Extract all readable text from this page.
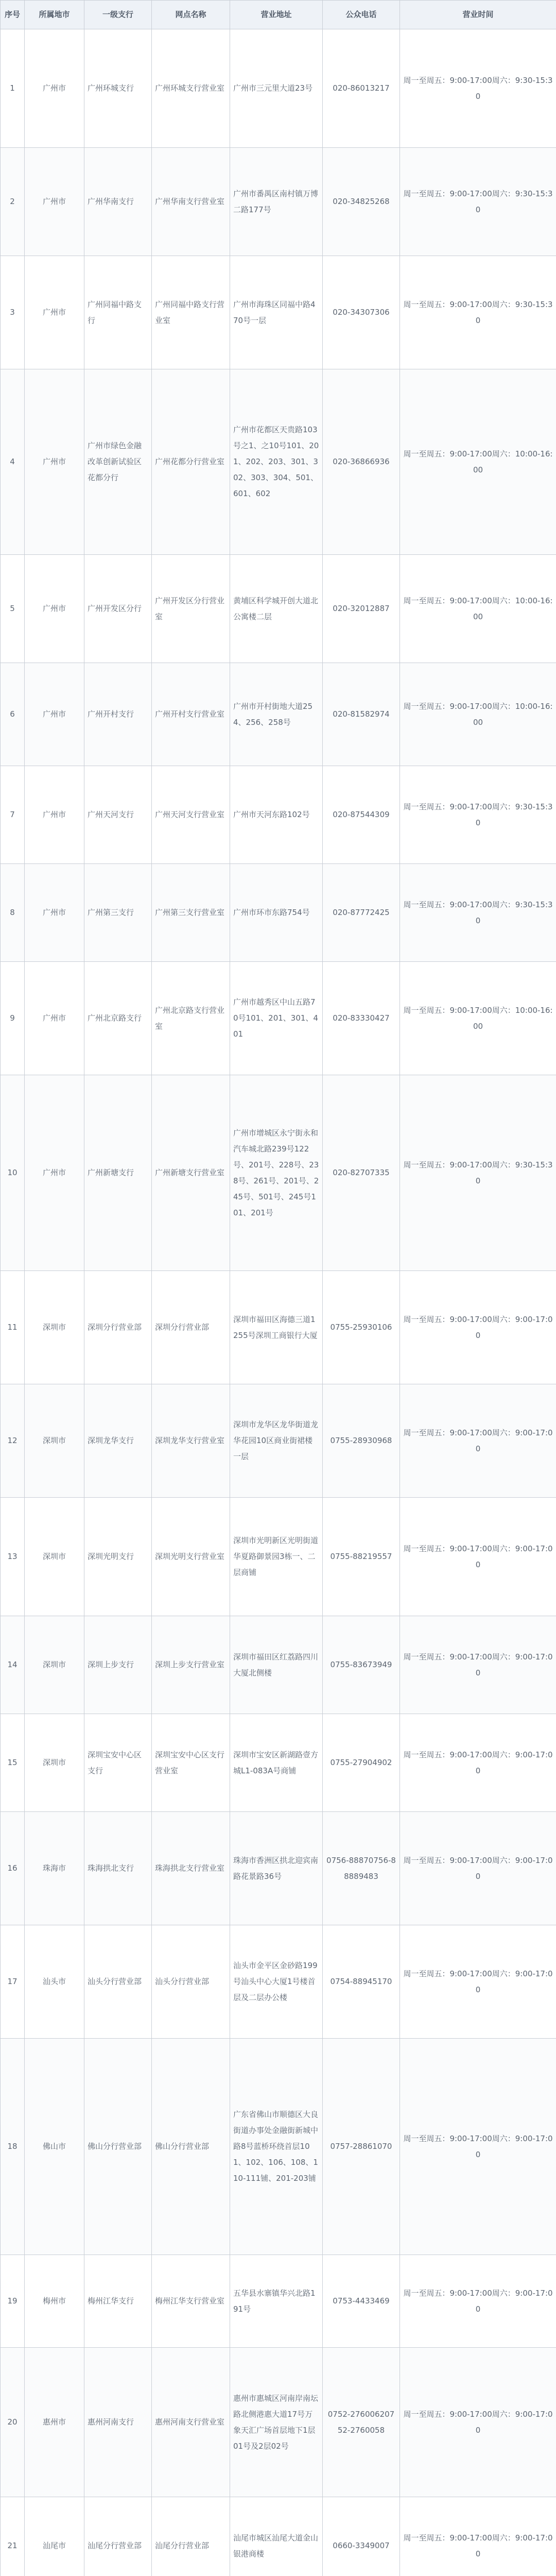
序号	所属地市	一级支行	网点名称	营业地址	公众电话	营业时间
1	广州市	广州环城支行	广州环城支行营业室	广州市三元里大道23号	020-86013217	周一至周五：9:00-17:00周六：9:30-15:30
2	广州市	广州华南支行	广州华南支行营业室	广州市番禺区南村镇万博二路177号	020-34825268	周一至周五：9:00-17:00周六：9:30-15:30
3	广州市	广州同福中路支行	广州同福中路支行营业室	广州市海珠区同福中路470号一层	020-34307306	周一至周五：9:00-17:00周六：9:30-15:30
4	广州市	广州市绿色金融改革创新试验区花都分行	广州花都分行营业室	广州市花都区天贵路103号之1、之10号101、201、202、203、301、302、303、304、501、601、602	020-36866936	周一至周五：9:00-17:00周六：10:00-16:00
5	广州市	广州开发区分行	广州开发区分行营业室	黄埔区科学城开创大道北公寓楼二层	020-32012887	周一至周五：9:00-17:00周六：10:00-16:00
6	广州市	广州开村支行	广州开村支行营业室	广州市开村街地大道254、256、258号	020-81582974	周一至周五：9:00-17:00周六：10:00-16:00
7	广州市	广州天河支行	广州天河支行营业室	广州市天河东路102号	020-87544309	周一至周五：9:00-17:00周六：9:30-15:30
8	广州市	广州第三支行	广州第三支行营业室	广州市环市东路754号	020-87772425	周一至周五：9:00-17:00周六：9:30-15:30
9	广州市	广州北京路支行	广州北京路支行营业室	广州市越秀区中山五路70号101、201、301、401	020-83330427	周一至周五：9:00-17:00周六：10:00-16:00
10	广州市	广州新塘支行	广州新塘支行营业室	广州市增城区永宁街永和汽车城北路239号122号、201号、228号、238号、261号、201号、245号、501号、245号101、201号	020-82707335	周一至周五：9:00-17:00周六：9:30-15:30
11	深圳市	深圳分行营业部	深圳分行营业部	深圳市福田区海德三道1255号深圳工商银行大厦	0755-25930106	周一至周五：9:00-17:00周六：9:00-17:00
12	深圳市	深圳龙华支行	深圳龙华支行营业室	深圳市龙华区龙华街道龙华花园10区商业街裙楼一层	0755-28930968	周一至周五：9:00-17:00周六：9:00-17:00
13	深圳市	深圳光明支行	深圳光明支行营业室	深圳市光明新区光明街道华夏路御景园3栋一、二层商铺	0755-88219557	周一至周五：9:00-17:00周六：9:00-17:00
14	深圳市	深圳上步支行	深圳上步支行营业室	深圳市福田区红荔路四川大厦北侧楼	0755-83673949	周一至周五：9:00-17:00周六：9:00-17:00
15	深圳市	深圳宝安中心区支行	深圳宝安中心区支行营业室	深圳市宝安区新湖路壹方城L1-083A号商铺	0755-27904902	周一至周五：9:00-17:00周六：9:00-17:00
16	珠海市	珠海拱北支行	珠海拱北支行营业室	珠海市香洲区拱北迎宾南路花景路36号	0756-88870756-88889483	周一至周五：9:00-17:00周六：9:00-17:00
17	汕头市	汕头分行营业部	汕头分行营业部	汕头市金平区金砂路199号汕头中心大厦1号楼首层及二层办公楼	0754-88945170	周一至周五：9:00-17:00周六：9:00-17:00
18	佛山市	佛山分行营业部	佛山分行营业部	广东省佛山市顺德区大良街道办事处金融街新城中路8号蓝桥环绕首层101、102、106、108、110-111铺、201-203铺	0757-28861070	周一至周五：9:00-17:00周六：9:00-17:00
19	梅州市	梅州江华支行	梅州江华支行营业室	五华县水寨镇华兴北路191号	0753-4433469	周一至周五：9:00-17:00周六：9:00-17:00
20	惠州市	惠州河南支行	惠州河南支行营业室	惠州市惠城区河南岸南坛路北侧港惠大道17号万象天汇广场首层地下1层01号及2层02号	0752-27600620752-2760058	周一至周五：9:00-17:00周六：9:00-17:00
21	汕尾市	汕尾分行营业部	汕尾分行营业部	汕尾市城区汕尾大道金山银港商楼	0660-3349007	周一至周五：9:00-17:00周六：9:00-17:00
